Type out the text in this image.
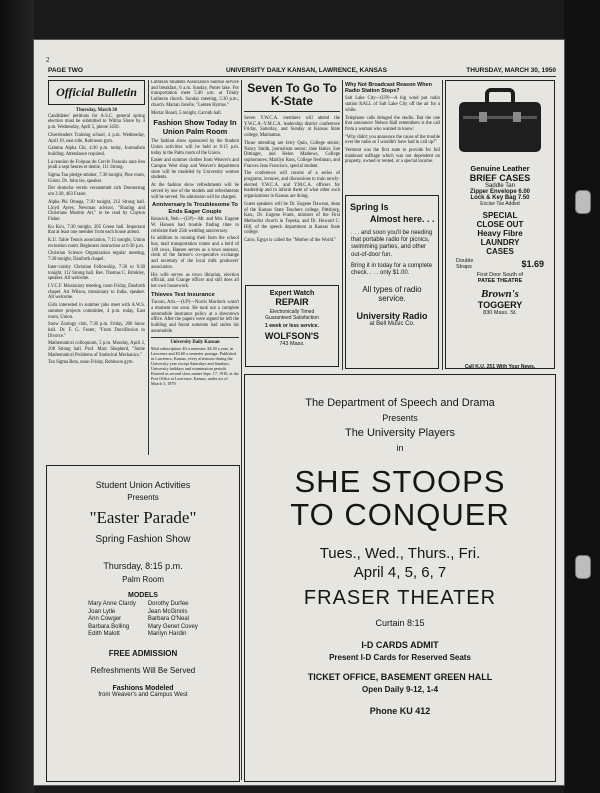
2
PAGE TWO	UNIVERSITY DAILY KANSAN, LAWRENCE, KANSAS	THURSDAY, MARCH 30, 1950
Official Bulletin
Thursday, March 30

Candidates' petitions for A.S.C. general spring election must be submitted to Wilma Shore by 4 p.m. Wednesday, April 5, phone 3450.

Cheerleaders Training school, 4 p.m. Wednesday, April 19, east side, Robinson gym.

Gamma Alpha Chi, 4:30 p.m. today, Journalism building. Attendance required.

La reunion de Foiquas du Cercle Francais aura lieu jeudi a sept heures et demie, 111 Strong.

Sigma Tau pledge smoker, 7:30 tonight, Pine room, Union. Dr. John Ise, speaker.

Der deutsche verein versammelt sich Donnerstag um 3:30, 403 Fraser.

Alpha Phi Omega, 7:30 tonight, 212 Strong hall. Lloyd Ayres, Newman advisor, "Sharing and Christians Modern Art," to be read by Clayton Fisher.

Ku Ku's, 7:30 tonight, 205 Green hall. Important that at least one member from each house attend.

K.U. Table Tennis association, 7:15 tonight, Union recreation room. Beginners instruction at 6:30 p.m.

Christian Science Organization regular meeting, 7:30 tonight, Danforth chapel.

Inter-varsity Christian Fellowship, 7:30 to 9:30 tonight, 112 Strong hall. Rev. Thomas C. Brinkley, speaker. All welcome.

I.V.C.F. Missionary meeting, noon Friday, Danforth chapel. Art Wilson, missionary to India, speaker. All welcome.

Girls interested in summer jobs meet with A.W.S. summer projects committee, 4 p.m. today, East room, Union.

Snow Zoology club, 7:30 p.m. Friday, 206 Snow hall. Dr. F. G. Foster, "From Dorsiflexion to Divorce."

Mathematical colloquium, 5 p.m. Monday, April 3, 208 Strong hall. Prof. Marc Shepherd, "Some Mathematical Problems of Statistical Mechanics."

Tau Sigma Beta, noon Friday, Robinson gym.

Lutheran Students Association Sunrise service and breakfast, 6 a.m. Sunday, Potter lake. For transportation meet 5:40 a.m. at Trinity Lutheran church. Sunday meeting, 5:30 p.m., church. Marian Javelle, "Lenten Hymns."

Mortar Board, 5 tonight, Carruth hall.

Fashion Show Today In Union Palm Room

The fashion show sponsored by the Student Union activities will be held at 8:15 p.m. today in the Palm room of the Union.

Easter and summer clothes from Weaver's and Campus West shop and Weaver's department store will be modeled by University women students.

At the fashion show refreshments will be served by one of the models and refreshments will be served. No admission will be charged.

Anniversary Is Troublesome To Ends Eager Couple

Kenwick, Neb.—(UP)—Mr. and Mrs. Eugene W. Hansen had trouble finding time to celebrate their 25th wedding anniversary.

In addition to running their farm the school bus, mail transportation routes and a herd of 140 cows, Hansen serves as a town assessor, clerk of the farmer's co-operative exchange and secretary of the local milk producers' association.

His wife serves as town librarian, election official, and Grange officer and still does all her own housework.

Thieves Test Insurance

Tucson, Ariz.—(UP)—Norris Murdock wasn't a moment too soon. He took out a complete automobile insurance policy at a downtown office. After the papers were signed he left the building and found someone had stolen his automobile.

University Daily Kansan
Mail subscription: $3 a semester, $4.50 a year, in Lawrence and $3.60 a semester postage. Published in Lawrence, Kansas, every afternoon during the University year except Saturdays and Sundays, University holidays and examination periods. Entered as second class matter Sept. 17, 1910, at the Post Office at Lawrence, Kansas, under act of March 3, 1879.
Seven To Go To K-State

Seven Y.W.C.A. members will attend the Y.W.C.A.-Y.M.C.A. leadership district conference Friday, Saturday, and Sunday at Kansas State college, Manhattan.

Those attending are Jerry Quin, College senior; Nancy Smith, journalism senior; Jane Baker, Sue Dittinger, and Helen Mathews, College sophomores; Marilyn Ross, College freshman, and Frances Jean Francisco, special student.

The conference will consist of a series of programs, lectures, and discussions to train newly-elected Y.W.C.A. and Y.M.C.A. officers for leadership and to inform them of what other such organizations in Kansas are doing.

Guest speakers will be Dr. Eugene Dawson, dean of the Kansas State Teachers college, Pittsburg, Kan.; Dr. Eugene Frank, minister of the First Methodist church in Topeka, and Dr. Howard C. Hill, of the speech department at Kansas State college.

Cairo, Egypt is called the "Mother of the World."

Expert Watch
REPAIR
Electronically Timed
Guaranteed Satisfaction
1 week or less service.
WOLFSON'S
743 Mass.
Why Not Broadcast Reason When Radio Station Stops?

Salt Lake City—(UP)—A big wind put radio station KALL of Salt Lake City off the air for a while.

Telephone calls deluged the studio. But the one that announcer Nelson Hall remembers is the call from a woman who wanted to know:

"Why didn't you announce the cause of the trouble over the radio so I wouldn't have had to call up?"

Vermont was the first state to provide for full manhood suffrage which was not dependent on property, owned or rented, or a special income.

Spring Is
Almost here. . .
. . . and soon you'll be needing that portable radio for picnics, swimming parties, and other out-of-door fun.
Bring it in today for a complete check. . . . only $1.00.
All types of radio service.
University Radio
at Bell Music Co.
Genuine Leather
BRIEF CASES
Saddle Tan
Zipper Envelope 6.00
Lock & Key Bag 7.50
Excise Tax Added
SPECIAL
CLOSE OUT
Heavy Fibre
LAUNDRY
CASES
Double Straps	$1.69
First Door South of
PATEE THEATRE
Brown's
TOGGERY
830 Mass. St.
Call K.U. 251 With Your News.
Student Union Activities
Presents
"Easter Parade"
Spring Fashion Show
Thursday, 8:15 p.m.
Palm Room
MODELS
Mary Anne Clardy
Joan Lytle
Ann Cowger
Barbara Bolling
Edith Malott
Dorothy Durfee
Jean McGinnis
Barbara O'Neal
Mary Genet Covey
Marilyn Hardin
FREE ADMISSION
Refreshments Will Be Served
Fashions Modeled
from Weaver's and Campus West
The Department of Speech and Drama
Presents
The University Players
in
SHE STOOPS
TO CONQUER
Tues., Wed., Thurs., Fri.
April 4, 5, 6, 7
FRASER THEATER
Curtain 8:15
I-D CARDS ADMIT
Present I-D Cards for Reserved Seats
TICKET OFFICE, BASEMENT GREEN HALL
Open Daily 9-12, 1-4
Phone KU 412
